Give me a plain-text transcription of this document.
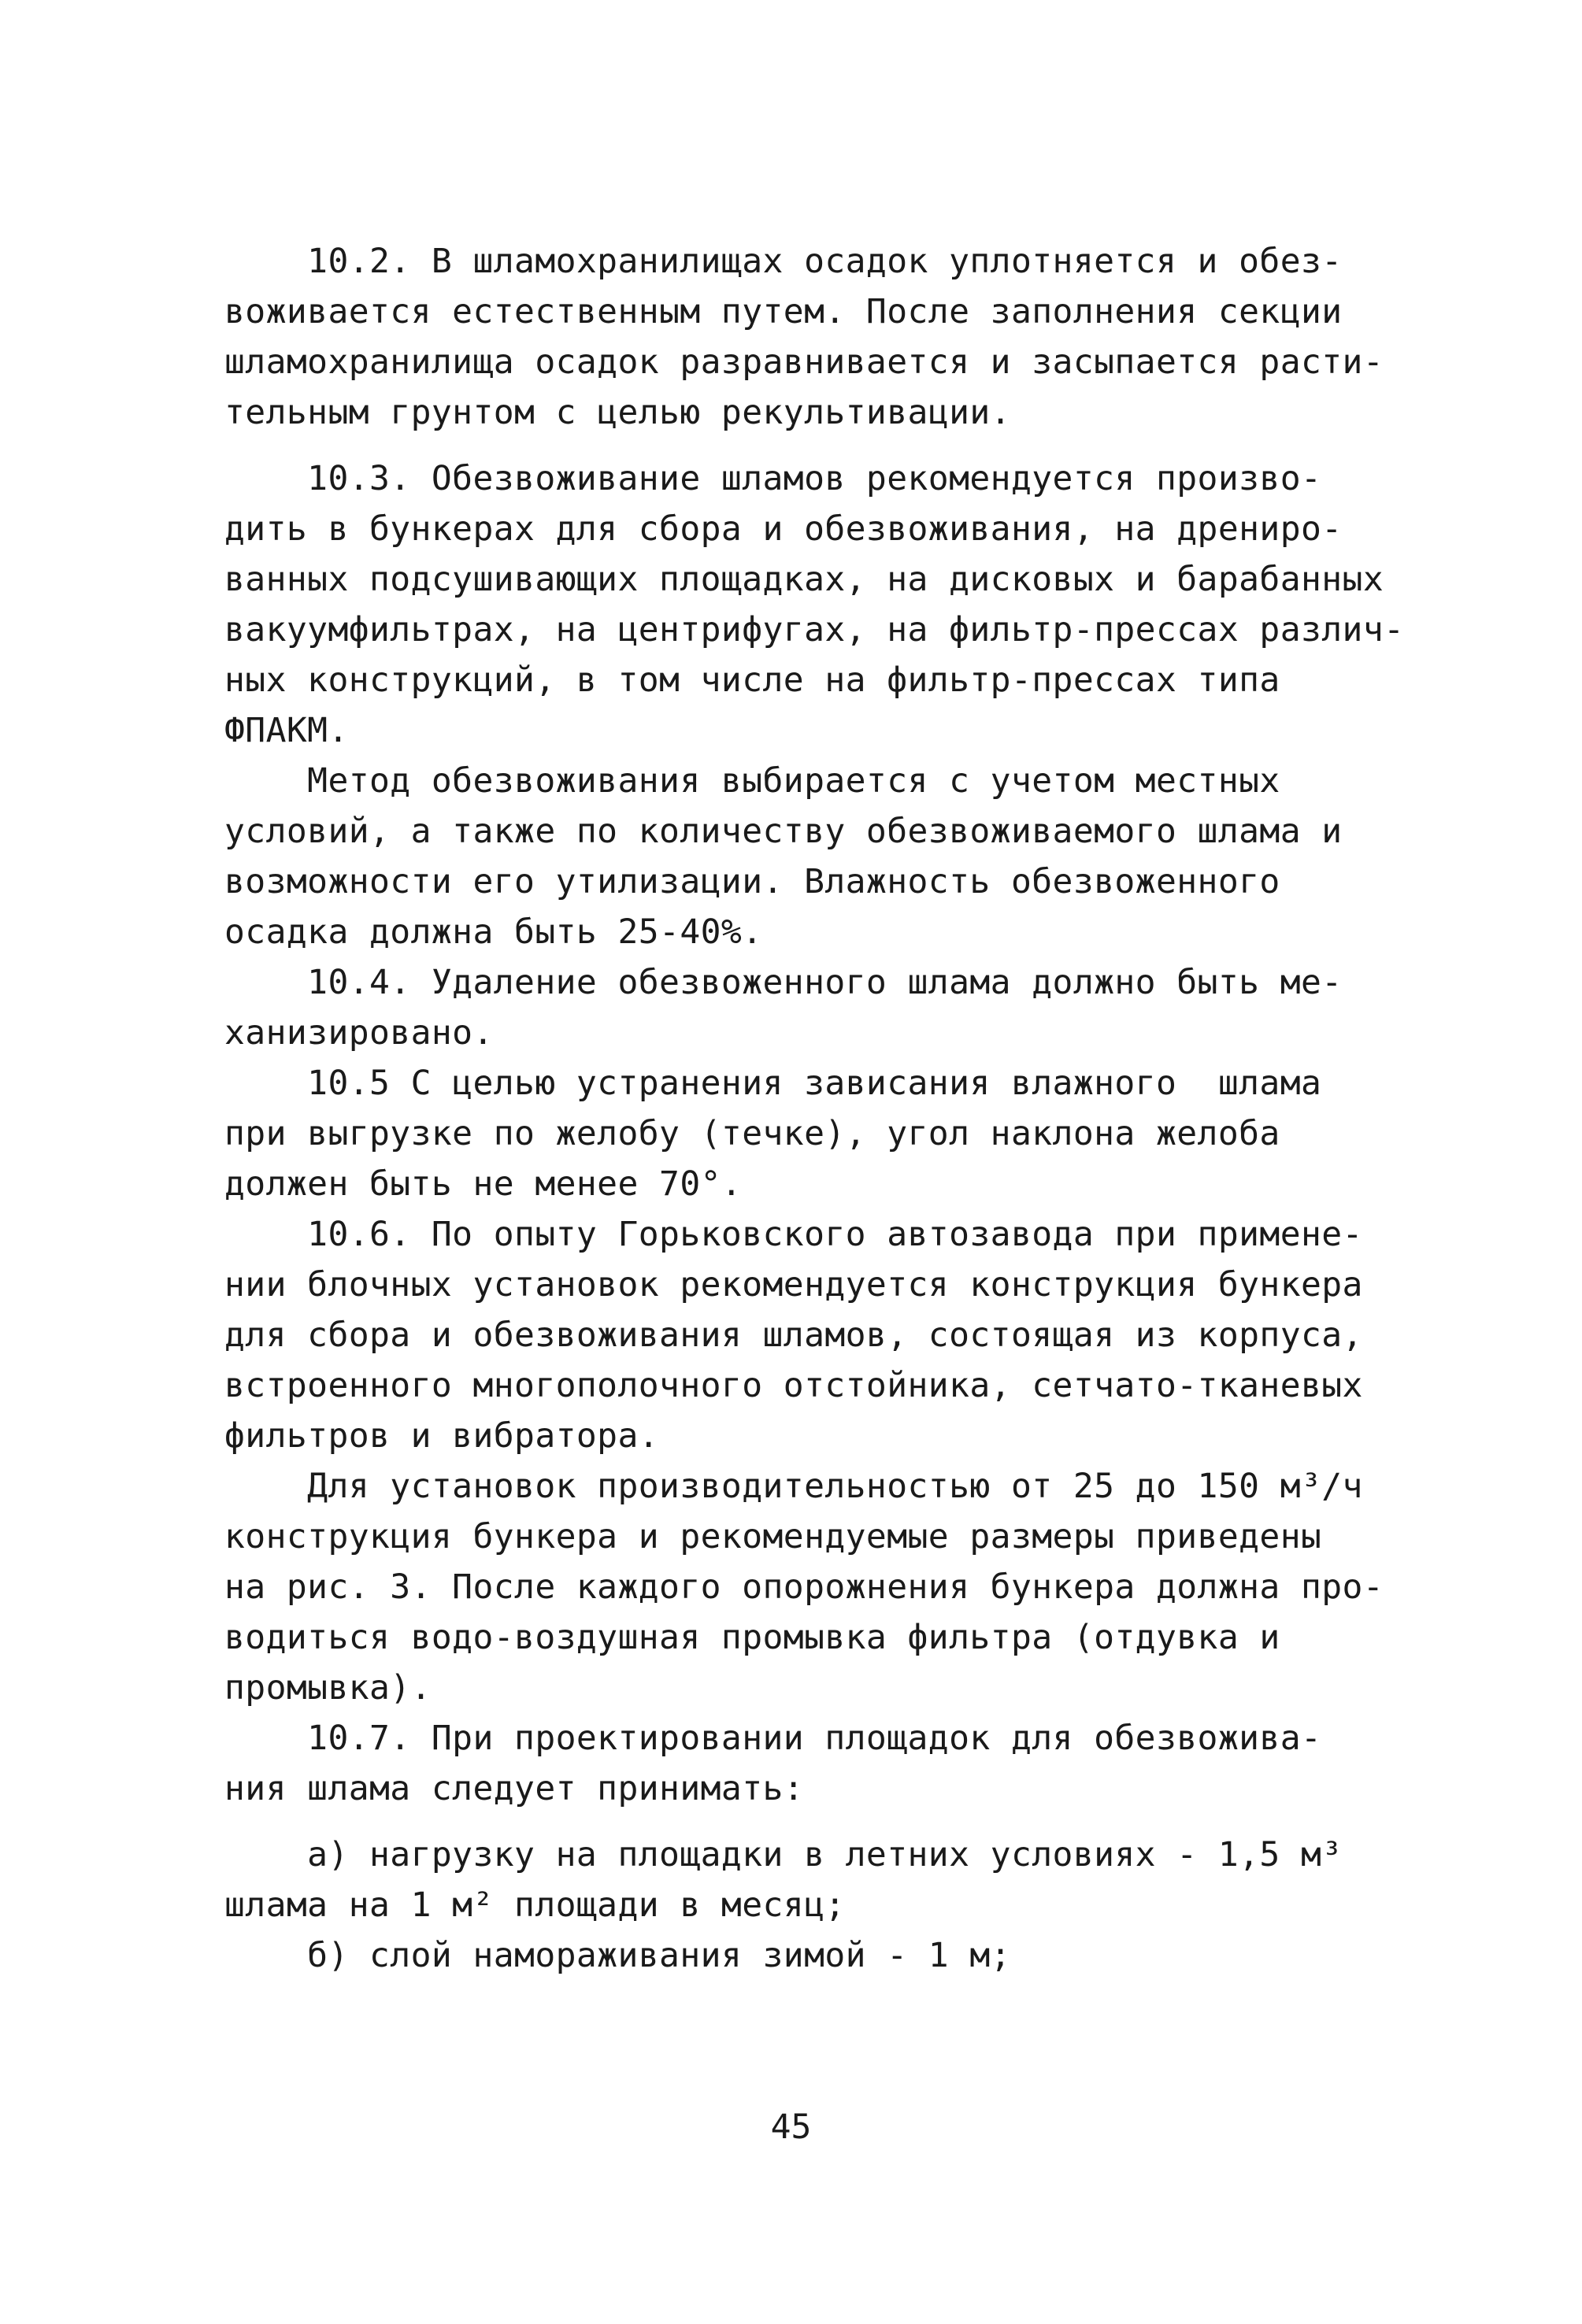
10.2. В шламохранилищах осадок уплотняется и обез-
воживается естественным путем. После заполнения секции
шламохранилища осадок разравнивается и засыпается расти-
тельным грунтом с целью рекультивации.
10.3. Обезвоживание шламов рекомендуется произво-
дить в бункерах для сбора и обезвоживания, на дрениро-
ванных подсушивающих площадках, на дисковых и барабанных
вакуумфильтрах, на центрифугах, на фильтр-прессах различ-
ных конструкций, в том числе на фильтр-прессах типа
ФПАКМ.
Метод обезвоживания выбирается с учетом местных
условий, а также по количеству обезвоживаемого шлама и
возможности его утилизации. Влажность обезвоженного
осадка должна быть 25-40%.
10.4. Удаление обезвоженного шлама должно быть ме-
ханизировано.
10.5 С целью устранения зависания влажного  шлама
при выгрузке по желобу (течке), угол наклона желоба
должен быть не менее 70°.
10.6. По опыту Горьковского автозавода при примене-
нии блочных установок рекомендуется конструкция бункера
для сбора и обезвоживания шламов, состоящая из корпуса,
встроенного многополочного отстойника, сетчато-тканевых
фильтров и вибратора.
Для установок производительностью от 25 до 150 м³/ч
конструкция бункера и рекомендуемые размеры приведены
на рис. 3. После каждого опорожнения бункера должна про-
водиться водо-воздушная промывка фильтра (отдувка и
промывка).
10.7. При проектировании площадок для обезвожива-
ния шлама следует принимать:
а) нагрузку на площадки в летних условиях - 1,5 м³
шлама на 1 м² площади в месяц;
б) слой намораживания зимой - 1 м;
45
